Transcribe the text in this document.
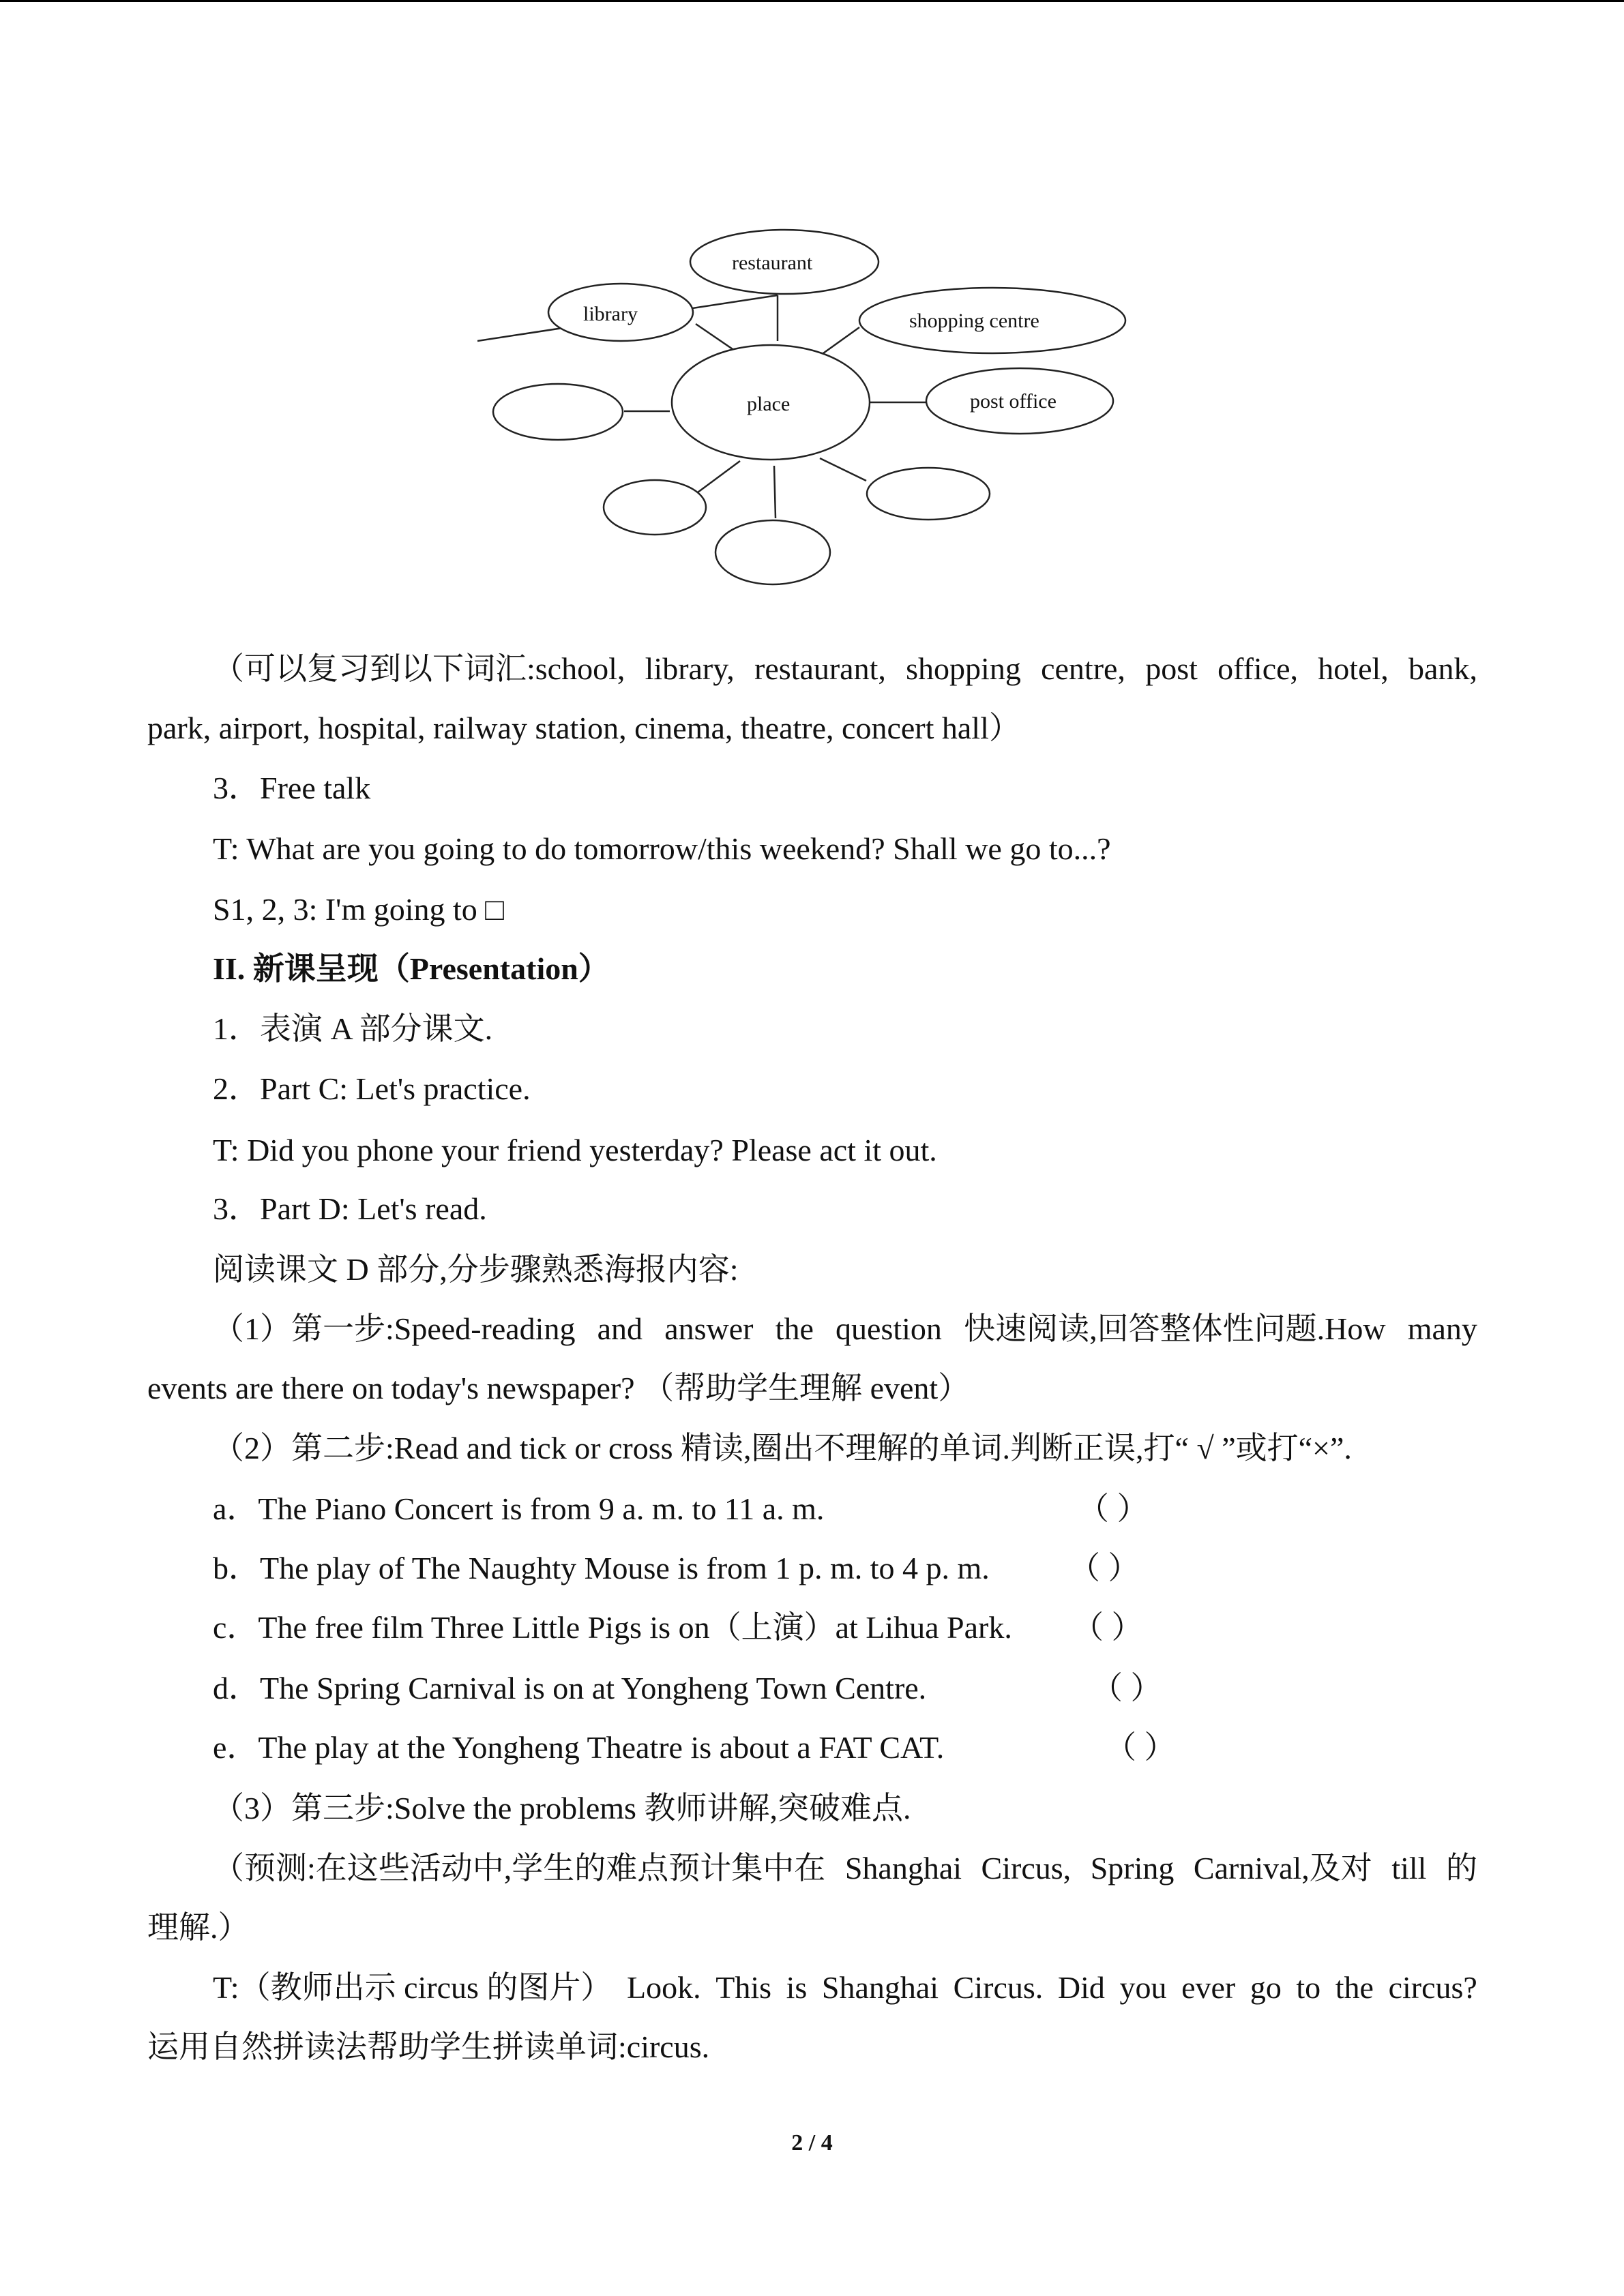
place
restaurant
library	shopping centre
post office
（可以复习到以下词汇:school, library, restaurant, shopping centre, post office, hotel, bank,
park, airport, hospital, railway station, cinema, theatre, concert hall）
3．Free talk
T: What are you going to do tomorrow/this weekend? Shall we go to...?
S1, 2, 3: I'm going to □
II. 新课呈现（Presentation）
1．表演 A 部分课文.
2．Part C: Let's practice.
T: Did you phone your friend yesterday? Please act it out.
3．Part D: Let's read.
阅读课文 D 部分,分步骤熟悉海报内容:
（1）第一步:Speed-reading and answer the question 快速阅读,回答整体性问题.How many
events are there on today's newspaper? （帮助学生理解 event）
（2）第二步:Read and tick or cross 精读,圈出不理解的单词.判断正误,打“ √ ”或打“×”.
a．The Piano Concert is from 9 a. m. to 11 a. m.	（ ）
b．The play of The Naughty Mouse is from 1 p. m. to 4 p. m.	（ ）
c．The free film Three Little Pigs is on（上演）at Lihua Park. （ ）
d．The Spring Carnival is on at Yongheng Town Centre.	（ ）
e．The play at the Yongheng Theatre is about a FAT CAT.	（ ）
（3）第三步:Solve the problems 教师讲解,突破难点.
（预测:在这些活动中,学生的难点预计集中在 Shanghai Circus, Spring Carnival,及对 till 的
理解.）
T:（教师出示 circus 的图片） Look. This is Shanghai Circus. Did you ever go to the circus?
运用自然拼读法帮助学生拼读单词:circus.
2 / 4
